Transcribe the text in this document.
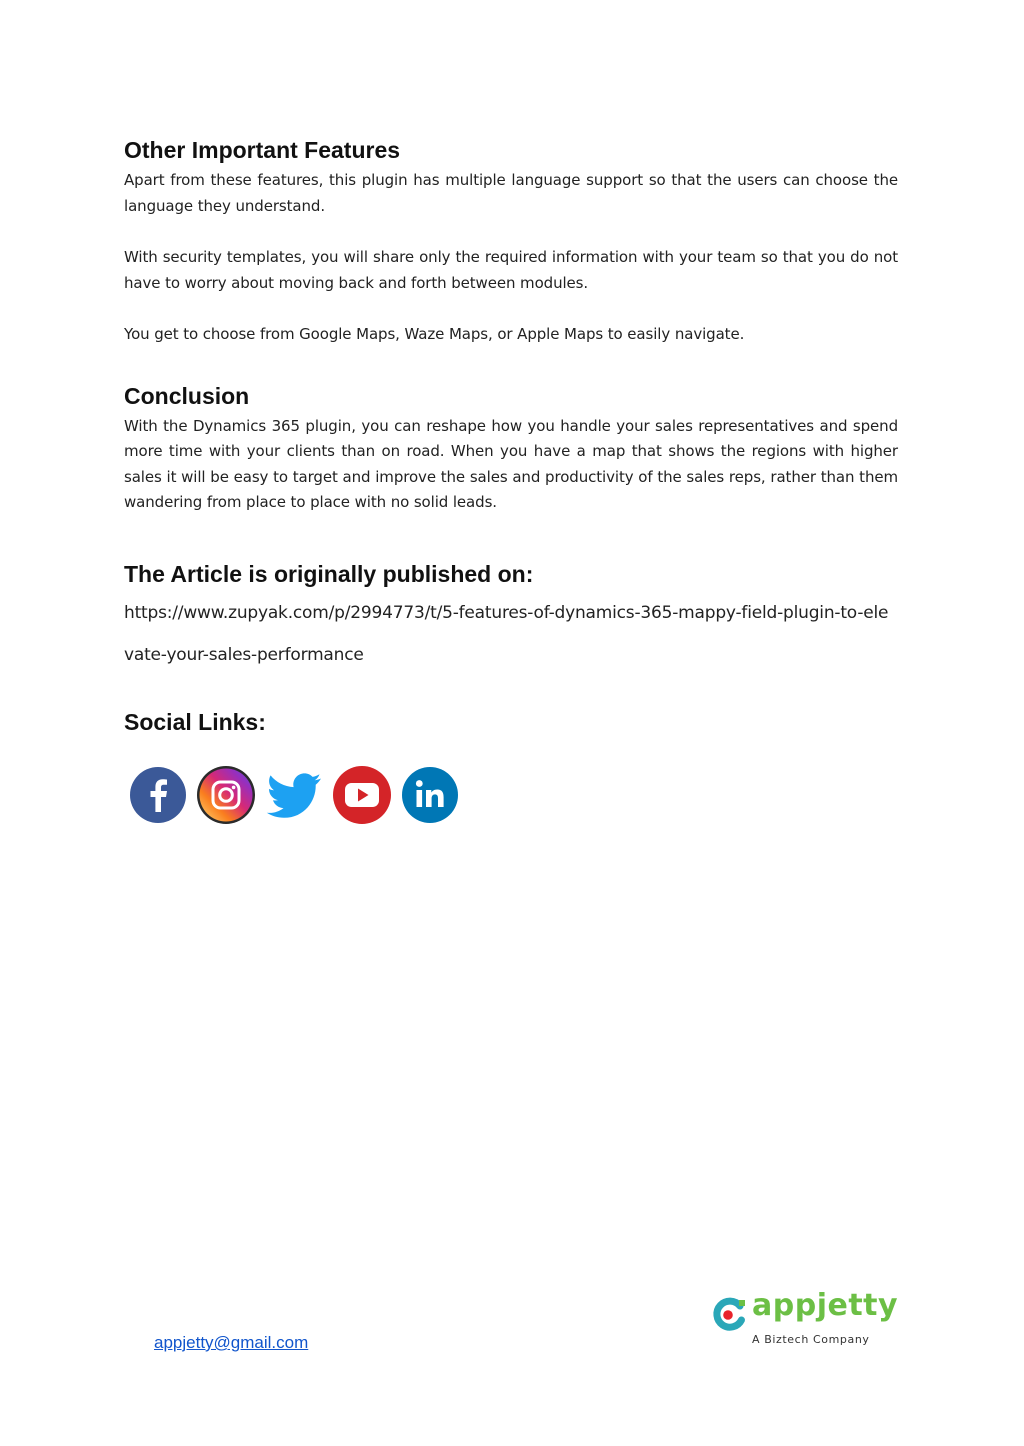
Other Important Features

Apart from these features, this plugin has multiple language support so that the users can choose the language they understand.

With security templates, you will share only the required information with your team so that you do not have to worry about moving back and forth between modules.

You get to choose from Google Maps, Waze Maps, or Apple Maps to easily navigate.

Conclusion

With the Dynamics 365 plugin, you can reshape how you handle your sales representatives and spend more time with your clients than on road. When you have a map that shows the regions with higher sales it will be easy to target and improve the sales and productivity of the sales reps, rather than them wandering from place to place with no solid leads.

The Article is originally published on:

https://www.zupyak.com/p/2994773/t/5-features-of-dynamics-365-mappy-field-plugin-to-elevate-your-sales-performance

Social Links:
appjetty
A Biztech Company
appjetty@gmail.com
